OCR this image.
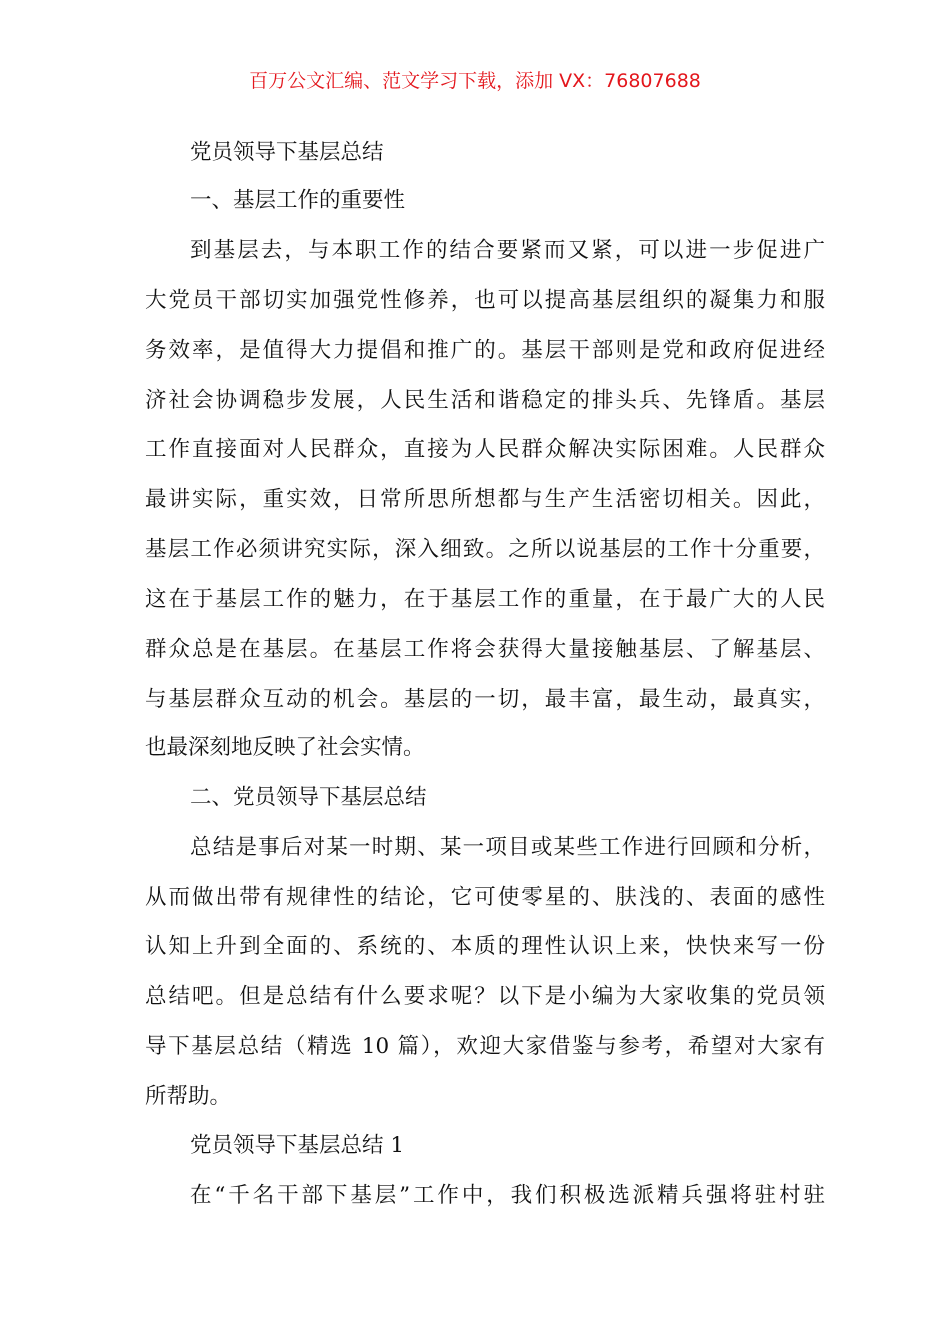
百万公文汇编、范文学习下载，添加 VX：76807688
党员领导下基层总结
一、基层工作的重要性
到基层去，与本职工作的结合要紧而又紧，可以进一步促进广
大党员干部切实加强党性修养，也可以提高基层组织的凝集力和服
务效率，是值得大力提倡和推广的。基层干部则是党和政府促进经
济社会协调稳步发展，人民生活和谐稳定的排头兵、先锋盾。基层
工作直接面对人民群众，直接为人民群众解决实际困难。人民群众
最讲实际，重实效，日常所思所想都与生产生活密切相关。因此，
基层工作必须讲究实际，深入细致。之所以说基层的工作十分重要，
这在于基层工作的魅力，在于基层工作的重量，在于最广大的人民
群众总是在基层。在基层工作将会获得大量接触基层、了解基层、
与基层群众互动的机会。基层的一切，最丰富，最生动，最真实，
也最深刻地反映了社会实情。
二、党员领导下基层总结
总结是事后对某一时期、某一项目或某些工作进行回顾和分析，
从而做出带有规律性的结论，它可使零星的、肤浅的、表面的感性
认知上升到全面的、系统的、本质的理性认识上来，快快来写一份
总结吧。但是总结有什么要求呢？以下是小编为大家收集的党员领
导下基层总结（精选 10 篇），欢迎大家借鉴与参考，希望对大家有
所帮助。
党员领导下基层总结 1
在“千名干部下基层”工作中，我们积极选派精兵强将驻村驻
